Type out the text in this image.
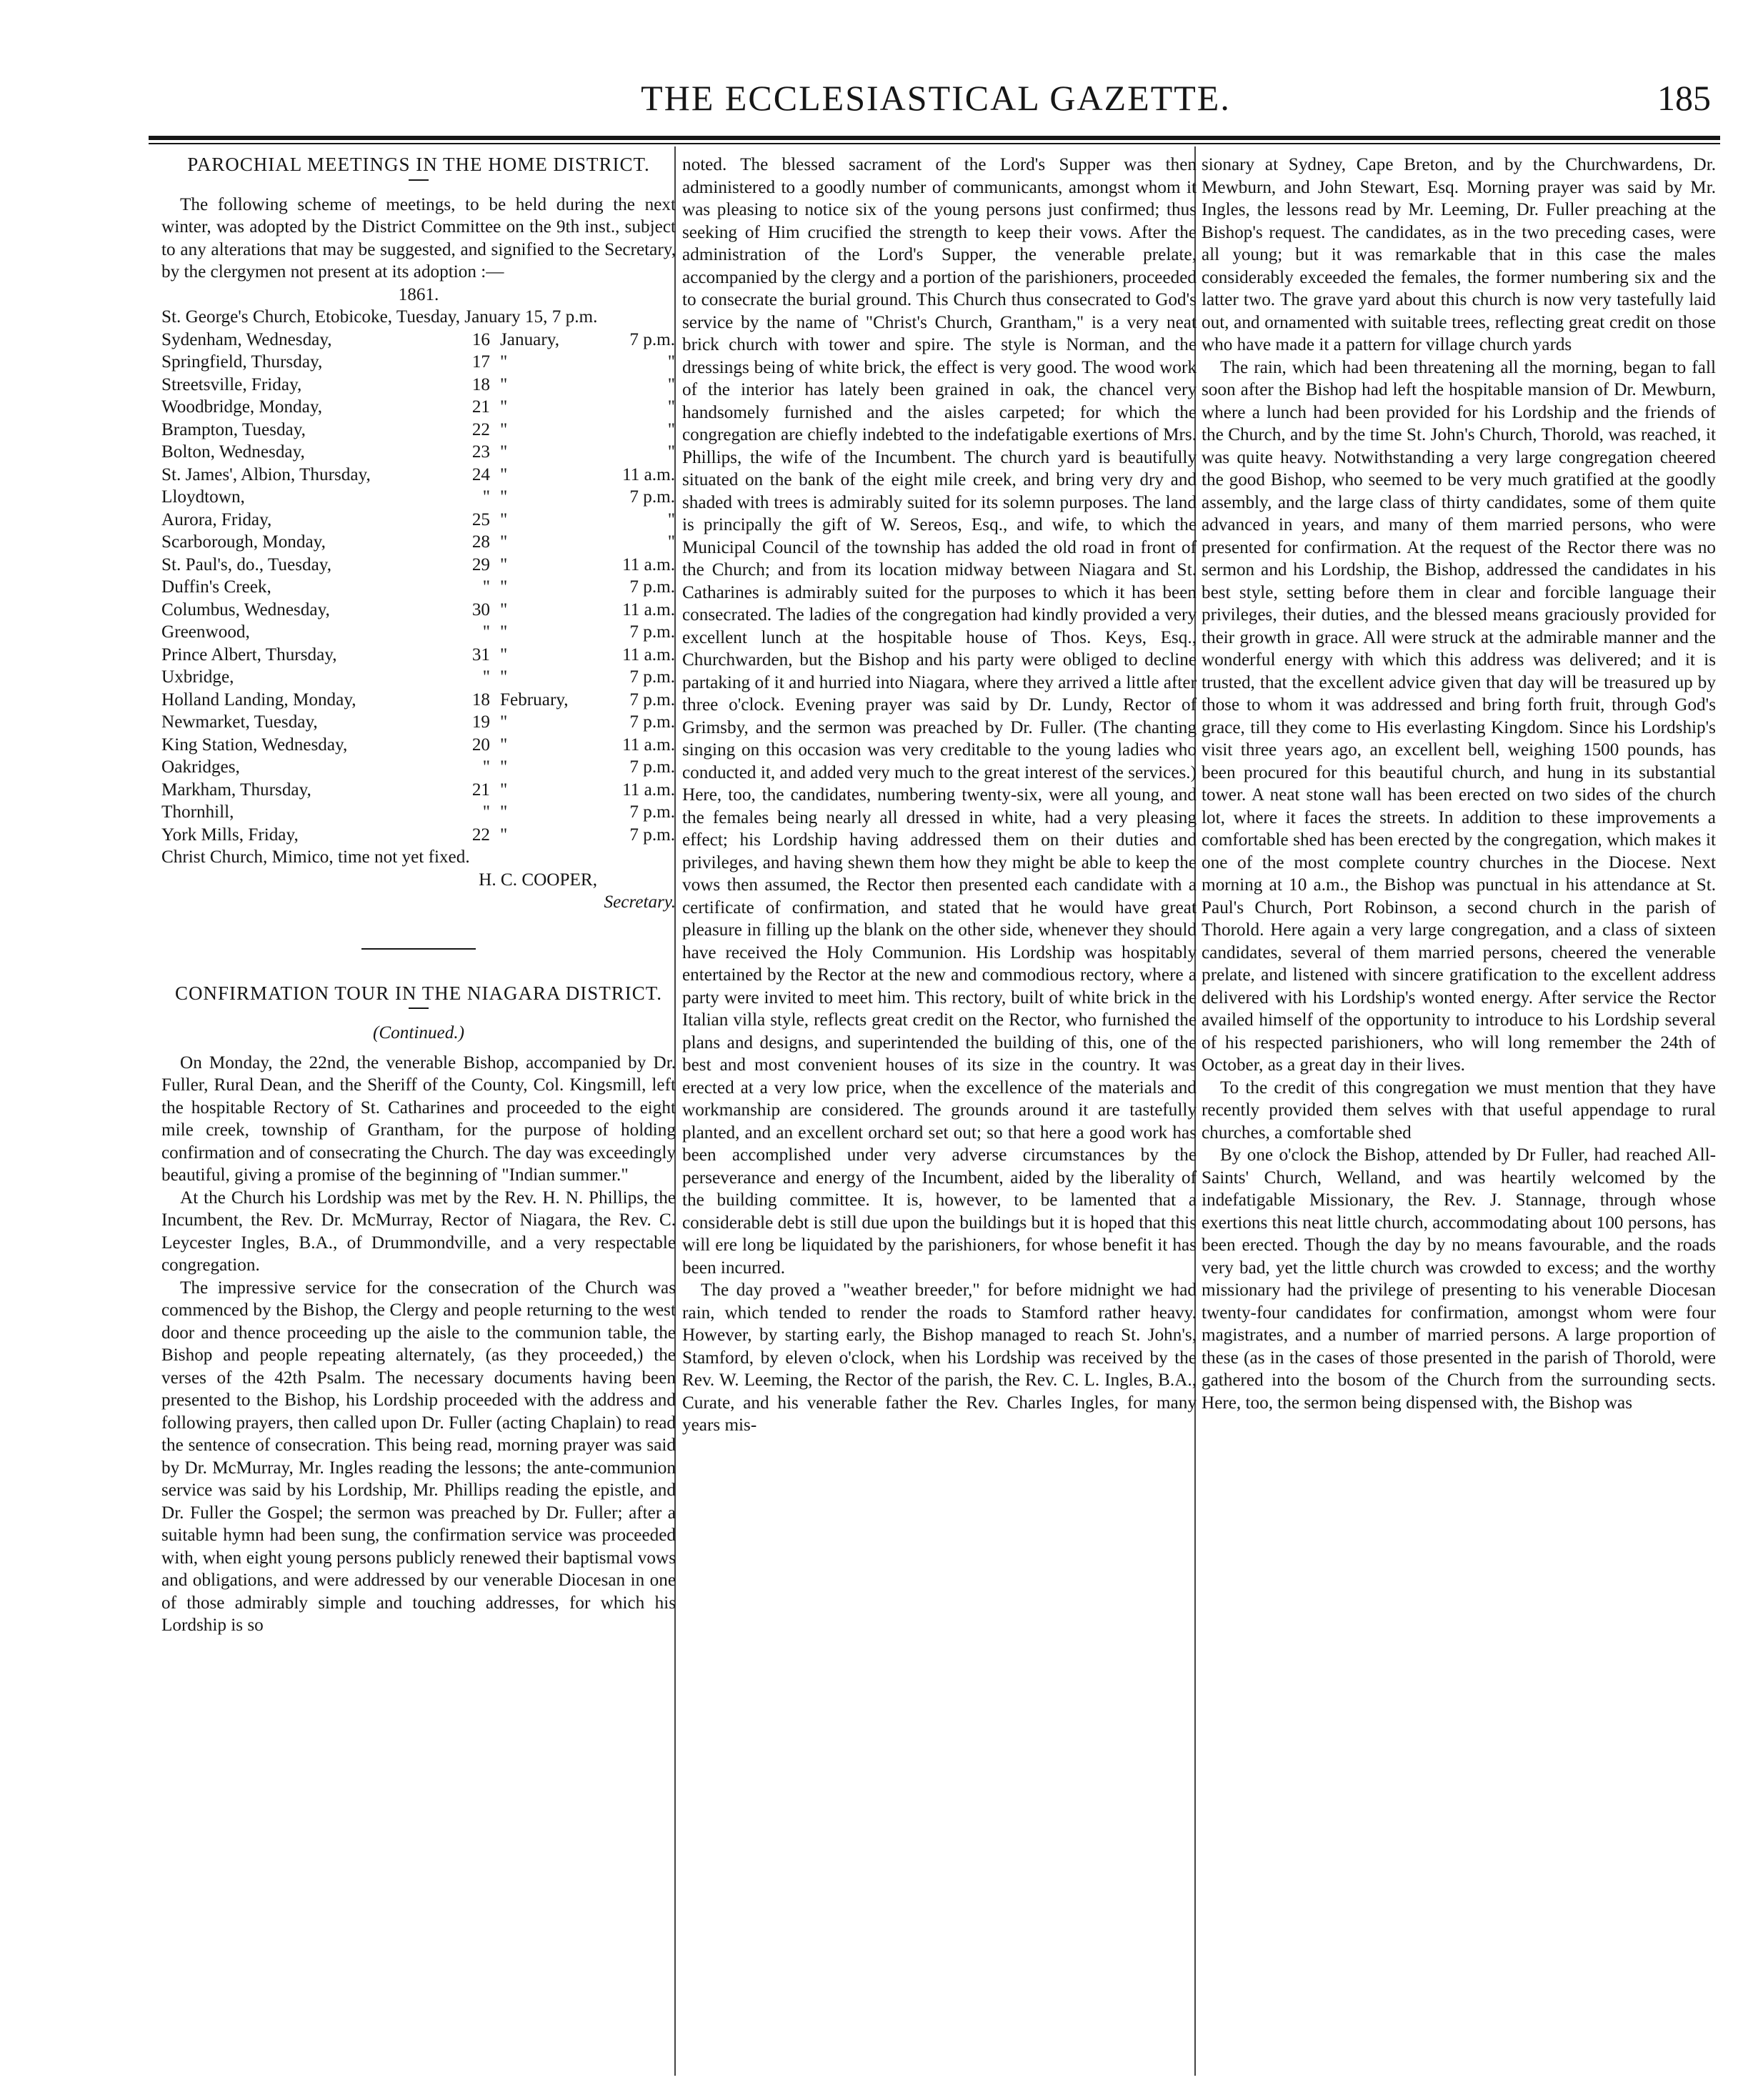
THE ECCLESIASTICAL GAZETTE.	185

PAROCHIAL MEETINGS IN THE HOME DISTRICT.

The following scheme of meetings, to be held during the next winter, was adopted by the District Committee on the 9th inst., subject to any alterations that may be suggested, and signified to the Secretary, by the clergymen not present at its adoption :—

1861.

St. George's Church, Etobicoke, Tuesday, January 15, 7 p.m.

Sydenham, Wednesday,	16 January,	7 p.m.
Springfield, Thursday,	17 "	"
Streetsville, Friday,	18 "	"
Woodbridge, Monday,	21 "	"
Brampton, Tuesday,	22 "	"
Bolton, Wednesday,	23 "	"
St. James', Albion, Thursday,	24 "	11 a.m.
Lloydtown,	" "	7 p.m.
Aurora, Friday,	25 "	"
Scarborough, Monday,	28 "	"
St. Paul's, do., Tuesday,	29 "	11 a.m.
Duffin's Creek,	" "	7 p.m.
Columbus, Wednesday,	30 "	11 a.m.
Greenwood,	" "	7 p.m.
Prince Albert, Thursday,	31 "	11 a.m.
Uxbridge,	" "	7 p.m.
Holland Landing, Monday,	18 February,	7 p.m.
Newmarket, Tuesday,	19 "	7 p.m.
King Station, Wednesday,	20 "	11 a.m.
Oakridges,	" "	7 p.m.
Markham, Thursday,	21 "	11 a.m.
Thornhill,	" "	7 p.m.
York Mills, Friday,	22 "	7 p.m.

Christ Church, Mimico, time not yet fixed.

H. C. COOPER,

Secretary.

CONFIRMATION TOUR IN THE NIAGARA DISTRICT.

(Continued.)

On Monday, the 22nd, the venerable Bishop, accompanied by Dr. Fuller, Rural Dean, and the Sheriff of the County, Col. Kingsmill, left the hospitable Rectory of St. Catharines and proceeded to the eight mile creek, township of Grantham, for the purpose of holding confirmation and of consecrating the Church. The day was exceedingly beautiful, giving a promise of the beginning of "Indian summer."

At the Church his Lordship was met by the Rev. H. N. Phillips, the Incumbent, the Rev. Dr. McMurray, Rector of Niagara, the Rev. C. Leycester Ingles, B.A., of Drummondville, and a very respectable congregation.

The impressive service for the consecration of the Church was commenced by the Bishop, the Clergy and people returning to the west door and thence proceeding up the aisle to the communion table, the Bishop and people repeating alternately, (as they proceeded,) the verses of the 42th Psalm. The necessary documents having been presented to the Bishop, his Lordship proceeded with the address and following prayers, then called upon Dr. Fuller (acting Chaplain) to read the sentence of consecration. This being read, morning prayer was said by Dr. McMurray, Mr. Ingles reading the lessons; the ante-communion service was said by his Lordship, Mr. Phillips reading the epistle, and Dr. Fuller the Gospel; the sermon was preached by Dr. Fuller; after a suitable hymn had been sung, the confirmation service was proceeded with, when eight young persons publicly renewed their baptismal vows and obligations, and were addressed by our venerable Diocesan in one of those admirably simple and touching addresses, for which his Lordship is so

noted. The blessed sacrament of the Lord's Supper was then administered to a goodly number of communicants, amongst whom it was pleasing to notice six of the young persons just confirmed; thus seeking of Him crucified the strength to keep their vows. After the administration of the Lord's Supper, the venerable prelate, accompanied by the clergy and a portion of the parishioners, proceeded to consecrate the burial ground. This Church thus consecrated to God's service by the name of "Christ's Church, Grantham," is a very neat brick church with tower and spire. The style is Norman, and the dressings being of white brick, the effect is very good. The wood work of the interior has lately been grained in oak, the chancel very handsomely furnished and the aisles carpeted; for which the congregation are chiefly indebted to the indefatigable exertions of Mrs. Phillips, the wife of the Incumbent. The church yard is beautifully situated on the bank of the eight mile creek, and bring very dry and shaded with trees is admirably suited for its solemn purposes. The land is principally the gift of W. Sereos, Esq., and wife, to which the Municipal Council of the township has added the old road in front of the Church; and from its location midway between Niagara and St. Catharines is admirably suited for the purposes to which it has been consecrated. The ladies of the congregation had kindly provided a very excellent lunch at the hospitable house of Thos. Keys, Esq., Churchwarden, but the Bishop and his party were obliged to decline partaking of it and hurried into Niagara, where they arrived a little after three o'clock. Evening prayer was said by Dr. Lundy, Rector of Grimsby, and the sermon was preached by Dr. Fuller. (The chanting singing on this occasion was very creditable to the young ladies who conducted it, and added very much to the great interest of the services.) Here, too, the candidates, numbering twenty-six, were all young, and the females being nearly all dressed in white, had a very pleasing effect; his Lordship having addressed them on their duties and privileges, and having shewn them how they might be able to keep the vows then assumed, the Rector then presented each candidate with a certificate of confirmation, and stated that he would have great pleasure in filling up the blank on the other side, whenever they should have received the Holy Communion. His Lordship was hospitably entertained by the Rector at the new and commodious rectory, where a party were invited to meet him. This rectory, built of white brick in the Italian villa style, reflects great credit on the Rector, who furnished the plans and designs, and superintended the building of this, one of the best and most convenient houses of its size in the country. It was erected at a very low price, when the excellence of the materials and workmanship are considered. The grounds around it are tastefully planted, and an excellent orchard set out; so that here a good work has been accomplished under very adverse circumstances by the perseverance and energy of the Incumbent, aided by the liberality of the building committee. It is, however, to be lamented that a considerable debt is still due upon the buildings but it is hoped that this will ere long be liquidated by the parishioners, for whose benefit it has been incurred.

The day proved a "weather breeder," for before midnight we had rain, which tended to render the roads to Stamford rather heavy. However, by starting early, the Bishop managed to reach St. John's, Stamford, by eleven o'clock, when his Lordship was received by the Rev. W. Leeming, the Rector of the parish, the Rev. C. L. Ingles, B.A., Curate, and his venerable father the Rev. Charles Ingles, for many years mis-

sionary at Sydney, Cape Breton, and by the Churchwardens, Dr. Mewburn, and John Stewart, Esq. Morning prayer was said by Mr. Ingles, the lessons read by Mr. Leeming, Dr. Fuller preaching at the Bishop's request. The candidates, as in the two preceding cases, were all young; but it was remarkable that in this case the males considerably exceeded the females, the former numbering six and the latter two. The grave yard about this church is now very tastefully laid out, and ornamented with suitable trees, reflecting great credit on those who have made it a pattern for village church yards

The rain, which had been threatening all the morning, began to fall soon after the Bishop had left the hospitable mansion of Dr. Mewburn, where a lunch had been provided for his Lordship and the friends of the Church, and by the time St. John's Church, Thorold, was reached, it was quite heavy. Notwithstanding a very large congregation cheered the good Bishop, who seemed to be very much gratified at the goodly assembly, and the large class of thirty candidates, some of them quite advanced in years, and many of them married persons, who were presented for confirmation. At the request of the Rector there was no sermon and his Lordship, the Bishop, addressed the candidates in his best style, setting before them in clear and forcible language their privileges, their duties, and the blessed means graciously provided for their growth in grace. All were struck at the admirable manner and the wonderful energy with which this address was delivered; and it is trusted, that the excellent advice given that day will be treasured up by those to whom it was addressed and bring forth fruit, through God's grace, till they come to His everlasting Kingdom. Since his Lordship's visit three years ago, an excellent bell, weighing 1500 pounds, has been procured for this beautiful church, and hung in its substantial tower. A neat stone wall has been erected on two sides of the church lot, where it faces the streets. In addition to these improvements a comfortable shed has been erected by the congregation, which makes it one of the most complete country churches in the Diocese. Next morning at 10 a.m., the Bishop was punctual in his attendance at St. Paul's Church, Port Robinson, a second church in the parish of Thorold. Here again a very large congregation, and a class of sixteen candidates, several of them married persons, cheered the venerable prelate, and listened with sincere gratification to the excellent address delivered with his Lordship's wonted energy. After service the Rector availed himself of the opportunity to introduce to his Lordship several of his respected parishioners, who will long remember the 24th of October, as a great day in their lives.

To the credit of this congregation we must mention that they have recently provided them selves with that useful appendage to rural churches, a comfortable shed

By one o'clock the Bishop, attended by Dr Fuller, had reached All-Saints' Church, Welland, and was heartily welcomed by the indefatigable Missionary, the Rev. J. Stannage, through whose exertions this neat little church, accommodating about 100 persons, has been erected. Though the day by no means favourable, and the roads very bad, yet the little church was crowded to excess; and the worthy missionary had the privilege of presenting to his venerable Diocesan twenty-four candidates for confirmation, amongst whom were four magistrates, and a number of married persons. A large proportion of these (as in the cases of those presented in the parish of Thorold, were gathered into the bosom of the Church from the surrounding sects. Here, too, the sermon being dispensed with, the Bishop was
